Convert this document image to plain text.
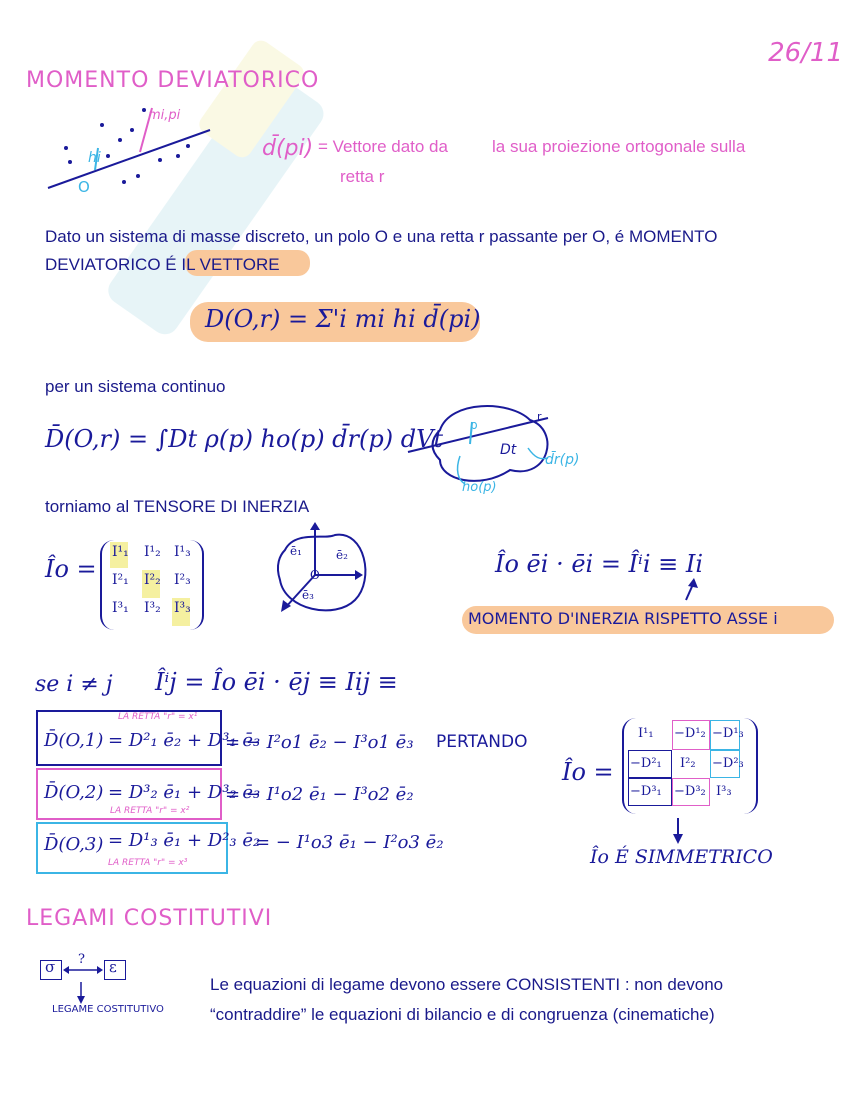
26/11
MOMENTO DEVIATORICO
mi,pi
hi
O
d̄(pi) = Vettore dato da	la sua proiezione ortogonale sulla
retta r
Dato un sistema di masse discreto, un polo O e una retta r passante per O, é MOMENTO
DEVIATORICO É IL VETTORE
D(O,r) = Σ'i mi hi d̄(pi)
per un sistema continuo
D̄(O,r) = ∫Dt ρ(p) ho(p) d̄r(p) dVt
r
p
Dt
d̄r(p)
ho(p)
torniamo al TENSORE DI INERZIA
Îo =
I¹₁ I¹₂ I¹₃
I²₁ I²₂ I²₃
I³₁ I³₂ I³₃
ē₁	ē₂
ē₃
O	Îo ēi · ēi = Îⁱi ≡ Ii
MOMENTO D'INERZIA RISPETTO ASSE i
se i ≠ j Îⁱj = Îo ēi · ēj ≡ Iij ≡
LA RETTA "r" = x¹
D̄(O,1) = D²₁ ē₂ + D³₁ ē₃
= − I²o1 ē₂ − I³o1 ē₃
D̄(O,2) = D³₂ ē₁ + D³₂ ē₃
LA RETTA "r" = x²
= − I¹o2 ē₁ − I³o2 ē₂
D̄(O,3) = D¹₃ ē₁ + D²₃ ē₂
LA RETTA "r" = x³
= − I¹o3 ē₁ − I²o3 ē₂
PERTANDO
Îo =
I¹₁ −D¹₂ −D¹₃
−D²₁ I²₂ −D²₃
−D³₁ −D³₂ I³₃
Îo É SIMMETRICO
LEGAMI COSTITUTIVI
σ ? ε
LEGAME COSTITUTIVO
Le equazioni di legame devono essere CONSISTENTI : non devono
“contraddire” le equazioni di bilancio e di congruenza (cinematiche)
